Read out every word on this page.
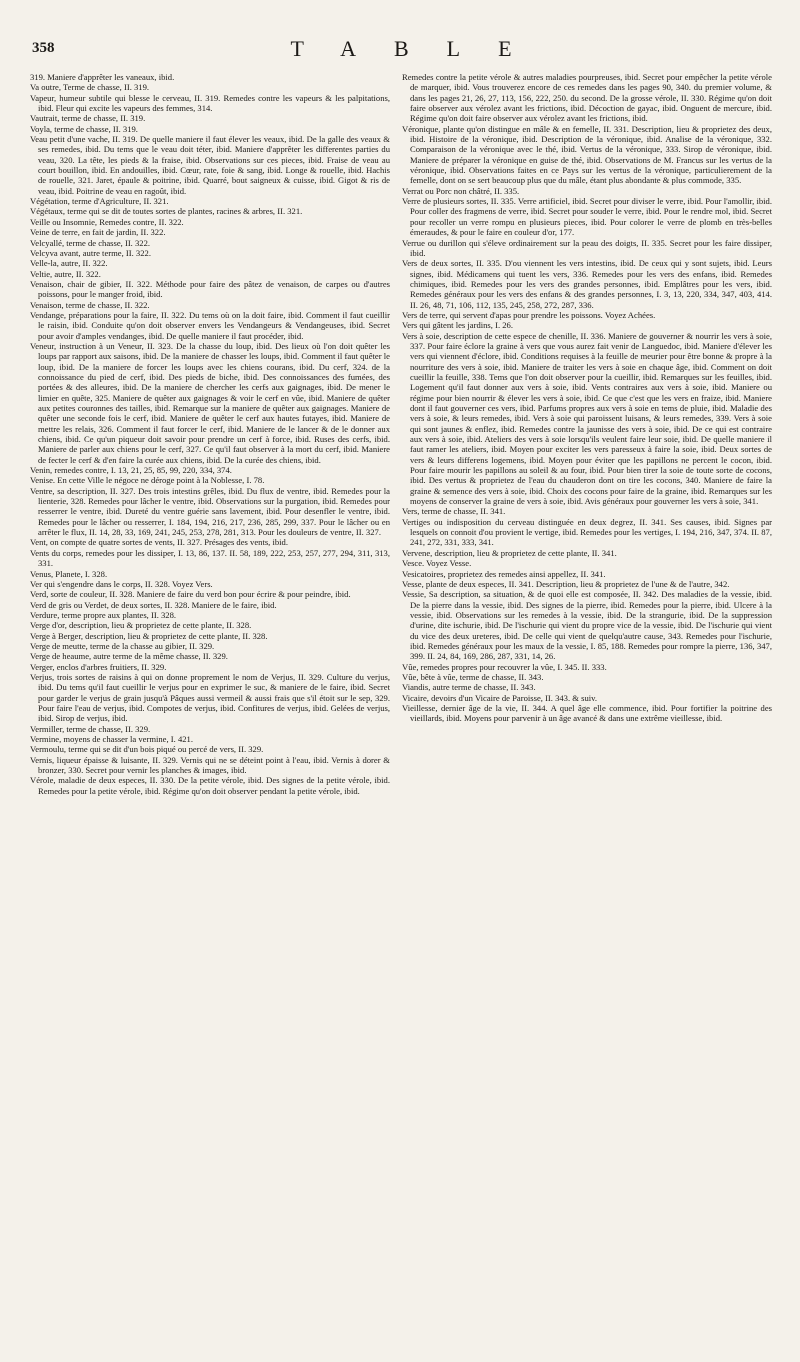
358	TABLE

319. Maniere d'apprêter les vaneaux, ibid.

Va outre, Terme de chasse, II. 319.

Vapeur, humeur subtile qui blesse le cerveau, II. 319. Remedes contre les vapeurs & les palpitations, ibid. Fleur qui excite les vapeurs des femmes, 314.

Vautrait, terme de chasse, II. 319.

Voyla, terme de chasse, II. 319.

Veau petit d'une vache, II. 319. De quelle maniere il faut élever les veaux, ibid. De la galle des veaux & ses remedes, ibid. Du tems que le veau doit téter, ibid. Maniere d'apprêter les differentes parties du veau, 320. La tête, les pieds & la fraise, ibid. Observations sur ces pieces, ibid. Fraise de veau au court bouillon, ibid. En andouilles, ibid. Cœur, rate, foie & sang, ibid. Longe & rouelle, ibid. Hachis de rouelle, 321. Jaret, épaule & poitrine, ibid. Quarré, bout saigneux & cuisse, ibid. Gigot & ris de veau, ibid. Poitrine de veau en ragoût, ibid.

Végétation, terme d'Agriculture, II. 321.

Végétaux, terme qui se dit de toutes sortes de plantes, racines & arbres, II. 321.

Veille ou Insomnie, Remedes contre, II. 322.

Veine de terre, en fait de jardin, II. 322.

Velcyallé, terme de chasse, II. 322.

Velcyva avant, autre terme, II. 322.

Velle-la, autre, II. 322.

Veltie, autre, II. 322.

Venaison, chair de gibier, II. 322. Méthode pour faire des pâtez de venaison, de carpes ou d'autres poissons, pour le manger froid, ibid.

Venaison, terme de chasse, II. 322.

Vendange, préparations pour la faire, II. 322. Du tems où on la doit faire, ibid. Comment il faut cueillir le raisin, ibid. Conduite qu'on doit observer envers les Vendangeurs & Vendangeuses, ibid. Secret pour avoir d'amples vendanges, ibid. De quelle maniere il faut procéder, ibid.

Veneur, instruction à un Veneur, II. 323. De la chasse du loup, ibid. Des lieux où l'on doit quêter les loups par rapport aux saisons, ibid. De la maniere de chasser les loups, ibid. Comment il faut quêter le loup, ibid. De la maniere de forcer les loups avec les chiens courans, ibid. Du cerf, 324. de la connoissance du pied de cerf, ibid. Des pieds de biche, ibid. Des connoissances des fumées, des portées & des alleures, ibid. De la maniere de chercher les cerfs aux gaignages, ibid. De mener le limier en quête, 325. Maniere de quêter aux gaignages & voir le cerf en vûe, ibid. Maniere de quêter aux petites couronnes des tailles, ibid. Remarque sur la maniere de quêter aux gaignages. Maniere de quêter une seconde fois le cerf, ibid. Maniere de quêter le cerf aux hautes futayes, ibid. Maniere de mettre les relais, 326. Comment il faut forcer le cerf, ibid. Maniere de le lancer & de le donner aux chiens, ibid. Ce qu'un piqueur doit savoir pour prendre un cerf à force, ibid. Ruses des cerfs, ibid. Maniere de parler aux chiens pour le cerf, 327. Ce qu'il faut observer à la mort du cerf, ibid. Maniere de fecter le cerf & d'en faire la curée aux chiens, ibid. De la curée des chiens, ibid.

Venin, remedes contre, I. 13, 21, 25, 85, 99, 220, 334, 374.

Venise. En cette Ville le négoce ne déroge point à la Noblesse, I. 78.

Ventre, sa description, II. 327. Des trois intestins grêles, ibid. Du flux de ventre, ibid. Remedes pour la lienterie, 328. Remedes pour lâcher le ventre, ibid. Observations sur la purgation, ibid. Remedes pour resserrer le ventre, ibid. Dureté du ventre guérie sans lavement, ibid. Pour desenfler le ventre, ibid. Remedes pour le lâcher ou resserrer, I. 184, 194, 216, 217, 236, 285, 299, 337. Pour le lâcher ou en arrêter le flux, II. 14, 28, 33, 169, 241, 245, 253, 278, 281, 313. Pour les douleurs de ventre, II. 327.

Vent, on compte de quatre sortes de vents, II. 327. Présages des vents, ibid.

Vents du corps, remedes pour les dissiper, I. 13, 86, 137. II. 58, 189, 222, 253, 257, 277, 294, 311, 313, 331.

Venus, Planete, I. 328.

Ver qui s'engendre dans le corps, II. 328. Voyez Vers.

Verd, sorte de couleur, II. 328. Maniere de faire du verd bon pour écrire & pour peindre, ibid.

Verd de gris ou Verdet, de deux sortes, II. 328. Maniere de le faire, ibid.

Verdure, terme propre aux plantes, II. 328.

Verge d'or, description, lieu & proprietez de cette plante, II. 328.

Verge à Berger, description, lieu & proprietez de cette plante, II. 328.

Verge de meutte, terme de la chasse au gibier, II. 329.

Verge de heaume, autre terme de la même chasse, II. 329.

Verger, enclos d'arbres fruitiers, II. 329.

Verjus, trois sortes de raisins à qui on donne proprement le nom de Verjus, II. 329. Culture du verjus, ibid. Du tems qu'il faut cueillir le verjus pour en exprimer le suc, & maniere de le faire, ibid. Secret pour garder le verjus de grain jusqu'à Pâques aussi vermeil & aussi frais que s'il étoit sur le sep, 329. Pour faire l'eau de verjus, ibid. Compotes de verjus, ibid. Confitures de verjus, ibid. Gelées de verjus, ibid. Sirop de verjus, ibid.

Vermiller, terme de chasse, II. 329.

Vermine, moyens de chasser la vermine, I. 421.

Vermoulu, terme qui se dit d'un bois piqué ou percé de vers, II. 329.

Vernis, liqueur épaisse & luisante, II. 329. Vernis qui ne se déteint point à l'eau, ibid. Vernis à dorer & bronzer, 330. Secret pour vernir les planches & images, ibid.

Vérole, maladie de deux especes, II. 330. De la petite vérole, ibid. Des signes de la petite vérole, ibid. Remedes pour la petite vérole, ibid. Régime qu'on doit observer pendant la petite vérole, ibid.

Remedes contre la petite vérole & autres maladies pourpreuses, ibid. Secret pour empêcher la petite vérole de marquer, ibid. Vous trouverez encore de ces remedes dans les pages 90, 340. du premier volume, & dans les pages 21, 26, 27, 113, 156, 222, 250. du second. De la grosse vérole, II. 330. Régime qu'on doit faire observer aux vérolez avant les frictions, ibid. Décoction de gayac, ibid. Onguent de mercure, ibid. Régime qu'on doit faire observer aux vérolez avant les frictions, ibid.

Véronique, plante qu'on distingue en mâle & en femelle, II. 331. Description, lieu & proprietez des deux, ibid. Histoire de la véronique, ibid. Description de la véronique, ibid. Analise de la véronique, 332. Comparaison de la véronique avec le thé, ibid. Vertus de la véronique, 333. Sirop de véronique, ibid. Maniere de préparer la véronique en guise de thé, ibid. Observations de M. Francus sur les vertus de la véronique, ibid. Observations faites en ce Pays sur les vertus de la véronique, particulierement de la femelle, dont on se sert beaucoup plus que du mâle, étant plus abondante & plus commode, 335.

Verrat ou Porc non châtré, II. 335.

Verre de plusieurs sortes, II. 335. Verre artificiel, ibid. Secret pour diviser le verre, ibid. Pour l'amollir, ibid. Pour coller des fragmens de verre, ibid. Secret pour souder le verre, ibid. Pour le rendre mol, ibid. Secret pour recoller un verre rompu en plusieurs pieces, ibid. Pour colorer le verre de plomb en très-belles émeraudes, & pour le faire en couleur d'or, 177.

Verrue ou durillon qui s'éleve ordinairement sur la peau des doigts, II. 335. Secret pour les faire dissiper, ibid.

Vers de deux sortes, II. 335. D'ou viennent les vers intestins, ibid. De ceux qui y sont sujets, ibid. Leurs signes, ibid. Médicamens qui tuent les vers, 336. Remedes pour les vers des enfans, ibid. Remedes chimiques, ibid. Remedes pour les vers des grandes personnes, ibid. Emplâtres pour les vers, ibid. Remedes généraux pour les vers des enfans & des grandes personnes, I. 3, 13, 220, 334, 347, 403, 414. II. 26, 48, 71, 106, 112, 135, 245, 258, 272, 287, 336.

Vers de terre, qui servent d'apas pour prendre les poissons. Voyez Achées.

Vers qui gâtent les jardins, I. 26.

Vers à soie, description de cette espece de chenille, II. 336. Maniere de gouverner & nourrir les vers à soie, 337. Pour faire éclore la graine à vers que vous aurez fait venir de Languedoc, ibid. Maniere d'élever les vers qui viennent d'éclore, ibid. Conditions requises à la feuille de meurier pour être bonne & propre à la nourriture des vers à soie, ibid. Maniere de traiter les vers à soie en chaque âge, ibid. Comment on doit cueillir la feuille, 338. Tems que l'on doit observer pour la cueillir, ibid. Remarques sur les feuilles, ibid. Logement qu'il faut donner aux vers à soie, ibid. Vents contraires aux vers à soie, ibid. Maniere ou régime pour bien nourrir & élever les vers à soie, ibid. Ce que c'est que les vers en fraize, ibid. Maniere dont il faut gouverner ces vers, ibid. Parfums propres aux vers à soie en tems de pluie, ibid. Maladie des vers à soie, & leurs remedes, ibid. Vers à soie qui paroissent luisans, & leurs remedes, 339. Vers à soie qui sont jaunes & enflez, ibid. Remedes contre la jaunisse des vers à soie, ibid. De ce qui est contraire aux vers à soie, ibid. Ateliers des vers à soie lorsqu'ils veulent faire leur soie, ibid. De quelle maniere il faut ramer les ateliers, ibid. Moyen pour exciter les vers paresseux à faire la soie, ibid. Deux sortes de vers & leurs differens logemens, ibid. Moyen pour éviter que les papillons ne percent le cocon, ibid. Pour faire mourir les papillons au soleil & au four, ibid. Pour bien tirer la soie de toute sorte de cocons, ibid. Des vertus & proprietez de l'eau du chauderon dont on tire les cocons, 340. Maniere de faire la graine & semence des vers à soie, ibid. Choix des cocons pour faire de la graine, ibid. Remarques sur les moyens de conserver la graine de vers à soie, ibid. Avis généraux pour gouverner les vers à soie, 341.

Vers, terme de chasse, II. 341.

Vertiges ou indisposition du cerveau distinguée en deux degrez, II. 341. Ses causes, ibid. Signes par lesquels on connoit d'ou provient le vertige, ibid. Remedes pour les vertiges, I. 194, 216, 347, 374. II. 87, 241, 272, 331, 333, 341.

Vervene, description, lieu & proprietez de cette plante, II. 341.

Vesce. Voyez Vesse.

Vesicatoires, proprietez des remedes ainsi appellez, II. 341.

Vesse, plante de deux especes, II. 341. Description, lieu & proprietez de l'une & de l'autre, 342.

Vessie, Sa description, sa situation, & de quoi elle est composée, II. 342. Des maladies de la vessie, ibid. De la pierre dans la vessie, ibid. Des signes de la pierre, ibid. Remedes pour la pierre, ibid. Ulcere à la vessie, ibid. Observations sur les remedes à la vessie, ibid. De la strangurie, ibid. De la suppression d'urine, dite ischurie, ibid. De l'ischurie qui vient du propre vice de la vessie, ibid. De l'ischurie qui vient du vice des deux ureteres, ibid. De celle qui vient de quelqu'autre cause, 343. Remedes pour l'ischurie, ibid. Remedes généraux pour les maux de la vessie, I. 85, 188. Remedes pour rompre la pierre, 136, 347, 399. II. 24, 84, 169, 286, 287, 331, 14, 26.

Vûe, remedes propres pour recouvrer la vûe, I. 345. II. 333.

Vûe, bête à vûe, terme de chasse, II. 343.

Viandis, autre terme de chasse, II. 343.

Vicaire, devoirs d'un Vicaire de Paroisse, II. 343. & suiv.

Vieillesse, dernier âge de la vie, II. 344. A quel âge elle commence, ibid. Pour fortifier la poitrine des vieillards, ibid. Moyens pour parvenir à un âge avancé & dans une extrême vieillesse, ibid.
